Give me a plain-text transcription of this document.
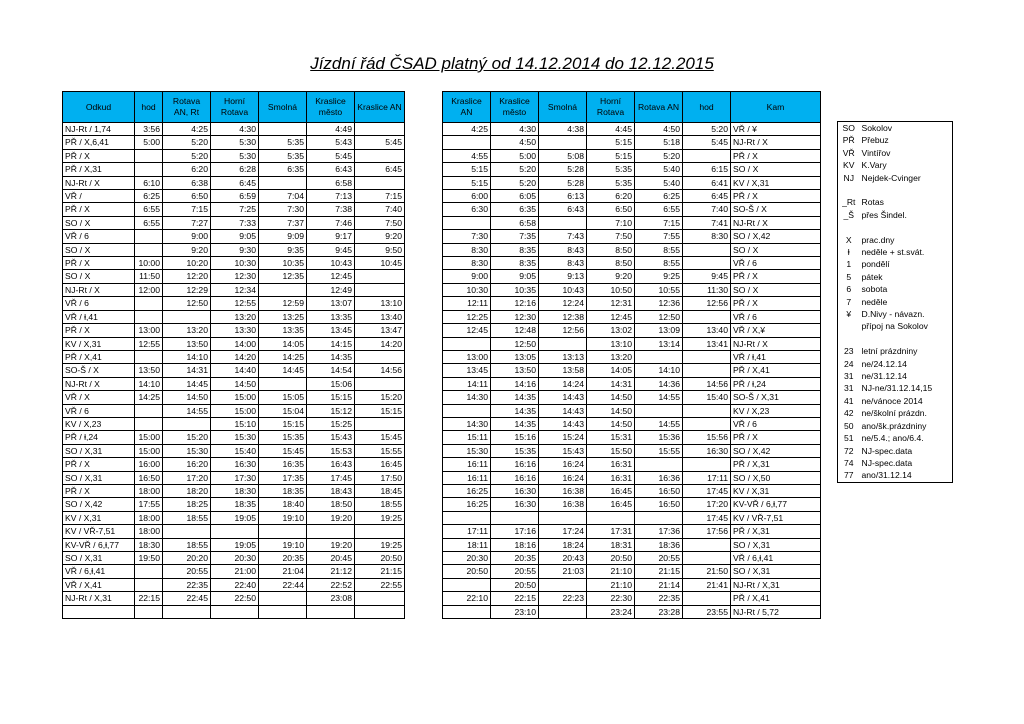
Jízdní řád ČSAD platný od 14.12.2014 do 12.12.2015
Odkud	hod	Rotava AN, Rt	Horní Rotava	Smolná	Kraslice město	Kraslice AN
NJ-Rt / 1,74	3:56	4:25	4:30		4:49	
PŘ / X,6,41	5:00	5:20	5:30	5:35	5:43	5:45
PŘ / X		5:20	5:30	5:35	5:45	
PŘ / X,31		6:20	6:28	6:35	6:43	6:45
NJ-Rt / X	6:10	6:38	6:45		6:58	
VŘ /	6:25	6:50	6:59	7:04	7:13	7:15
PŘ / X	6:55	7:15	7:25	7:30	7:38	7:40
SO / X	6:55	7:27	7:33	7:37	7:46	7:50
VŘ / 6		9:00	9:05	9:09	9:17	9:20
SO / X		9:20	9:30	9:35	9:45	9:50
PŘ / X	10:00	10:20	10:30	10:35	10:43	10:45
SO / X	11:50	12:20	12:30	12:35	12:45	
NJ-Rt / X	12:00	12:29	12:34		12:49	
VŘ / 6		12:50	12:55	12:59	13:07	13:10
VŘ / ⱡ,41			13:20	13:25	13:35	13:40
PŘ / X	13:00	13:20	13:30	13:35	13:45	13:47
KV / X,31	12:55	13:50	14:00	14:05	14:15	14:20
PŘ / X,41		14:10	14:20	14:25	14:35	
SO-Š / X	13:50	14:31	14:40	14:45	14:54	14:56
NJ-Rt / X	14:10	14:45	14:50		15:06	
VŘ / X	14:25	14:50	15:00	15:05	15:15	15:20
VŘ / 6		14:55	15:00	15:04	15:12	15:15
KV / X,23			15:10	15:15	15:25	
PŘ / ⱡ,24	15:00	15:20	15:30	15:35	15:43	15:45
SO / X,31	15:00	15:30	15:40	15:45	15:53	15:55
PŘ / X	16:00	16:20	16:30	16:35	16:43	16:45
SO / X,31	16:50	17:20	17:30	17:35	17:45	17:50
PŘ / X	18:00	18:20	18:30	18:35	18:43	18:45
SO / X,42	17:55	18:25	18:35	18:40	18:50	18:55
KV / X,31	18:00	18:55	19:05	19:10	19:20	19:25
KV / VŘ-7,51	18:00					
KV-VŘ / 6,ⱡ,77	18:30	18:55	19:05	19:10	19:20	19:25
SO / X,31	19:50	20:20	20:30	20:35	20:45	20:50
VŘ / 6,ⱡ,41		20:55	21:00	21:04	21:12	21:15
VŘ / X,41		22:35	22:40	22:44	22:52	22:55
NJ-Rt / X,31	22:15	22:45	22:50		23:08	

Kraslice AN	Kraslice město	Smolná	Horní Rotava	Rotava AN	hod	Kam
4:25	4:30	4:38	4:45	4:50	5:20	VŘ / ¥
	4:50		5:15	5:18	5:45	NJ-Rt / X
4:55	5:00	5:08	5:15	5:20		PŘ / X
5:15	5:20	5:28	5:35	5:40	6:15	SO / X
5:15	5:20	5:28	5:35	5:40	6:41	KV / X,31
6:00	6:05	6:13	6:20	6:25	6:45	PŘ / X
6:30	6:35	6:43	6:50	6:55	7:40	SO-Š / X
	6:58		7:10	7:15	7:41	NJ-Rt / X
7:30	7:35	7:43	7:50	7:55	8:30	SO / X,42
8:30	8:35	8:43	8:50	8:55		SO / X
8:30	8:35	8:43	8:50	8:55		VŘ / 6
9:00	9:05	9:13	9:20	9:25	9:45	PŘ / X
10:30	10:35	10:43	10:50	10:55	11:30	SO / X
12:11	12:16	12:24	12:31	12:36	12:56	PŘ / X
12:25	12:30	12:38	12:45	12:50		VŘ / 6
12:45	12:48	12:56	13:02	13:09	13:40	VŘ / X,¥
	12:50		13:10	13:14	13:41	NJ-Rt / X
13:00	13:05	13:13	13:20			VŘ / ⱡ,41
13:45	13:50	13:58	14:05	14:10		PŘ / X,41
14:11	14:16	14:24	14:31	14:36	14:56	PŘ / ⱡ,24
14:30	14:35	14:43	14:50	14:55	15:40	SO-Š / X,31
	14:35	14:43	14:50			KV / X,23
14:30	14:35	14:43	14:50	14:55		VŘ / 6
15:11	15:16	15:24	15:31	15:36	15:56	PŘ / X
15:30	15:35	15:43	15:50	15:55	16:30	SO / X,42
16:11	16:16	16:24	16:31			PŘ / X,31
16:11	16:16	16:24	16:31	16:36	17:11	SO / X,50
16:25	16:30	16:38	16:45	16:50	17:45	KV / X,31
16:25	16:30	16:38	16:45	16:50	17:20	KV-VŘ / 6,ⱡ,77
					17:45	KV / VŘ-7,51
17:11	17:16	17:24	17:31	17:36	17:56	PŘ / X,31
18:11	18:16	18:24	18:31	18:36		SO / X,31
20:30	20:35	20:43	20:50	20:55		VŘ / 6,ⱡ,41
20:50	20:55	21:03	21:10	21:15	21:50	SO / X,31
	20:50		21:10	21:14	21:41	NJ-Rt / X,31
22:10	22:15	22:23	22:30	22:35		PŘ / X,41
	23:10		23:24	23:28	23:55	NJ-Rt / 5,72
SO	Sokolov
PŘ	Přebuz
VŘ	Vintířov
KV	K.Vary
NJ	Nejdek-Cvinger

_Rt	Rotas
_Š	přes Šindel.

X	prac.dny
ⱡ	neděle + st.svát.
1	pondělí
5	pátek
6	sobota
7	neděle
¥	D.Nivy - návazn.
	přípoj na Sokolov

23	letní prázdniny
24	ne/24.12.14
31	ne/31.12.14
31	NJ-ne/31.12.14,15
41	ne/vánoce 2014
42	ne/školní prázdn.
50	ano/šk.prázdniny
51	ne/5.4.; ano/6.4.
72	NJ-spec.data
74	NJ-spec.data
77	ano/31.12.14
